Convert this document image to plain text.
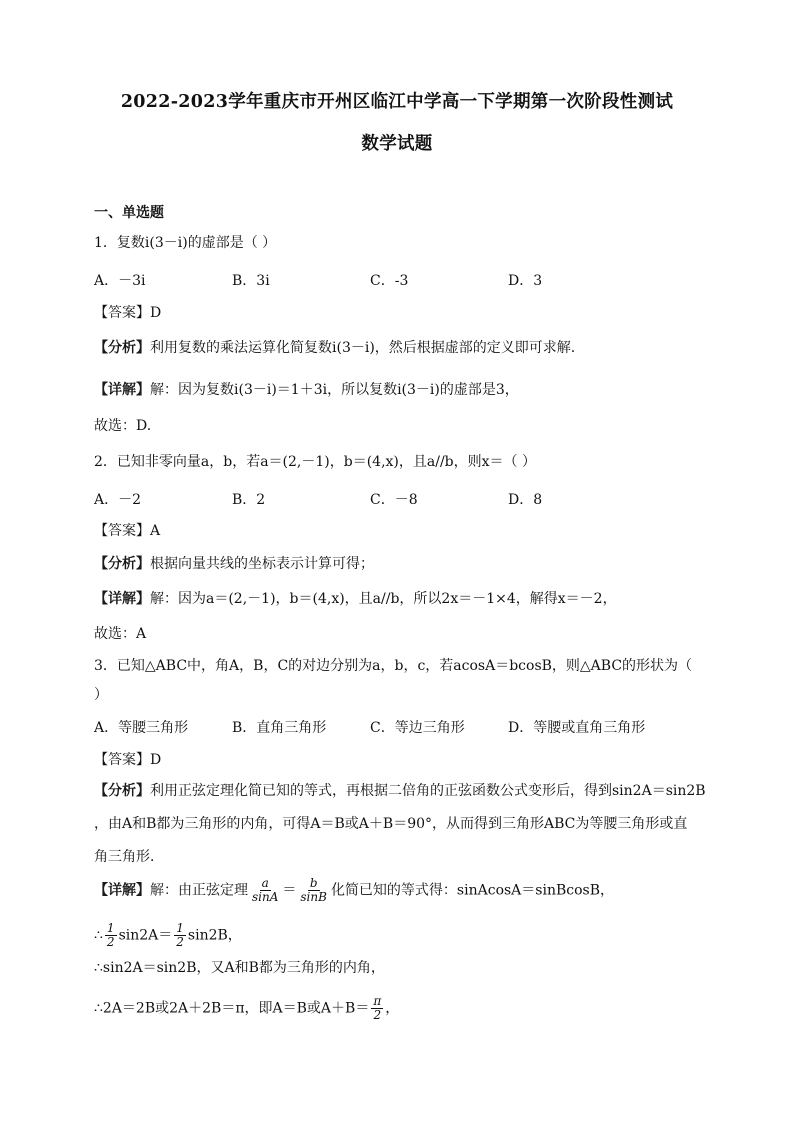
2022-2023学年重庆市开州区临江中学高一下学期第一次阶段性测试
数学试题
一、单选题
1．复数i(3－i)的虚部是（ ）
A．－3i	B．3i	C．-3	D．3
【答案】D
【分析】利用复数的乘法运算化简复数i(3－i)，然后根据虚部的定义即可求解.
【详解】解：因为复数i(3－i)＝1＋3i，所以复数i(3－i)的虚部是3，
故选：D.
2．已知非零向量a，b，若a＝(2,－1)，b＝(4,x)，且a//b，则x＝（ ）
A．－2	B．2	C．－8	D．8
【答案】A
【分析】根据向量共线的坐标表示计算可得；
【详解】解：因为a＝(2,－1)，b＝(4,x)，且a//b，所以2x＝－1×4，解得x＝－2，
故选：A
3．已知△ABC中，角A，B，C的对边分别为a，b，c，若acosA＝bcosB，则△ABC的形状为（
）
A．等腰三角形	B．直角三角形	C．等边三角形	D．等腰或直角三角形
【答案】D
【分析】利用正弦定理化简已知的等式，再根据二倍角的正弦函数公式变形后，得到sin2A＝sin2B
，由A和B都为三角形的内角，可得A＝B或A＋B＝90°，从而得到三角形ABC为等腰三角形或直
角三角形．
【详解】解：由正弦定理 $\frac{a}{\sin A} = \frac{b}{\sin B}$ 化简已知的等式得：sinAcosA＝sinBcosB，
∴ $\frac{1}{2} \sin 2A= \frac{1}{2} \sin 2B$，
∴sin2A＝sin2B，又A和B都为三角形的内角，
∴2A＝2B或2A＋2B＝π，即A＝B或$A+B= \frac{\pi}{2}$ ，
